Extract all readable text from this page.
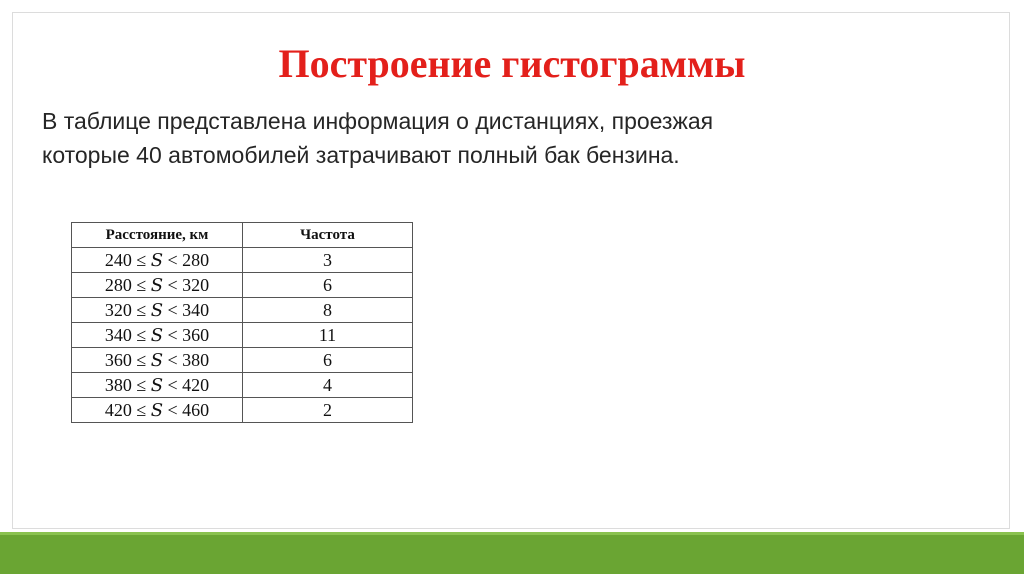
Построение гистограммы

В таблице представлена информация о дистанциях, проезжая
которые 40 автомобилей затрачивают полный бак бензина.

Расстояние, км	Частота
240 ≤ 𝑆 < 280	3
280 ≤ 𝑆 < 320	6
320 ≤ 𝑆 < 340	8
340 ≤ 𝑆 < 360	11
360 ≤ 𝑆 < 380	6
380 ≤ 𝑆 < 420	4
420 ≤ 𝑆 < 460	2
